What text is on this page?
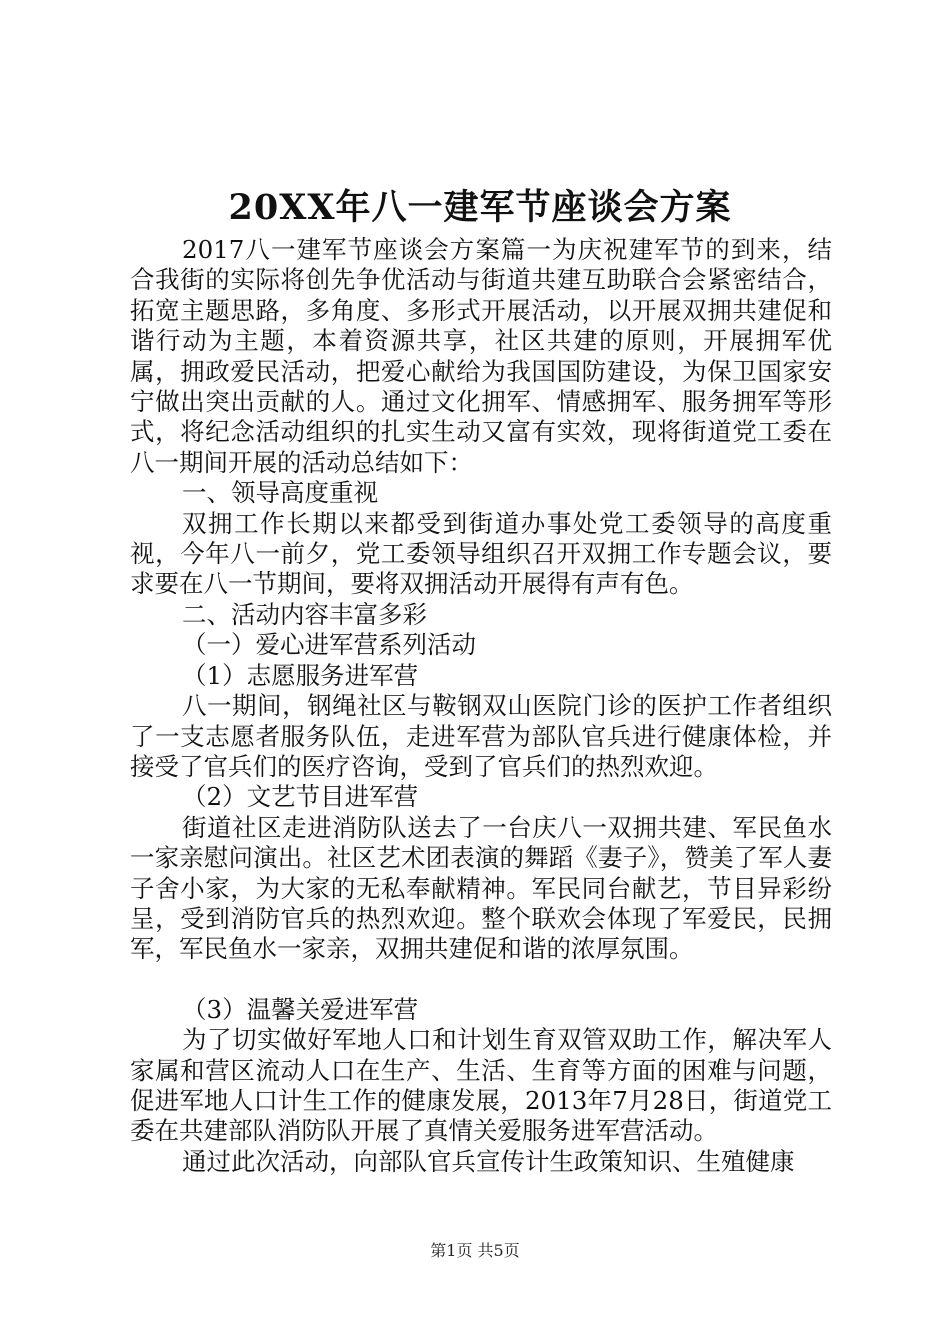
20XX年八一建军节座谈会方案

2017八一建军节座谈会方案篇一为庆祝建军节的到来，结合我街的实际将创先争优活动与街道共建互助联合会紧密结合，拓宽主题思路，多角度、多形式开展活动，以开展双拥共建促和谐行动为主题，本着资源共享，社区共建的原则，开展拥军优属，拥政爱民活动，把爱心献给为我国国防建设，为保卫国家安宁做出突出贡献的人。通过文化拥军、情感拥军、服务拥军等形式，将纪念活动组织的扎实生动又富有实效，现将街道党工委在八一期间开展的活动总结如下：

一、领导高度重视

双拥工作长期以来都受到街道办事处党工委领导的高度重视，今年八一前夕，党工委领导组织召开双拥工作专题会议，要求要在八一节期间，要将双拥活动开展得有声有色。

二、活动内容丰富多彩

（一）爱心进军营系列活动

（1）志愿服务进军营

八一期间，钢绳社区与鞍钢双山医院门诊的医护工作者组织了一支志愿者服务队伍，走进军营为部队官兵进行健康体检，并接受了官兵们的医疗咨询，受到了官兵们的热烈欢迎。

（2）文艺节目进军营

街道社区走进消防队送去了一台庆八一双拥共建、军民鱼水一家亲慰问演出。社区艺术团表演的舞蹈《妻子》，赞美了军人妻子舍小家，为大家的无私奉献精神。军民同台献艺，节目异彩纷呈，受到消防官兵的热烈欢迎。整个联欢会体现了军爱民，民拥军，军民鱼水一家亲，双拥共建促和谐的浓厚氛围。

（3）温馨关爱进军营

为了切实做好军地人口和计划生育双管双助工作，解决军人家属和营区流动人口在生产、生活、生育等方面的困难与问题，促进军地人口计生工作的健康发展，2013年7月28日，街道党工委在共建部队消防队开展了真情关爱服务进军营活动。

通过此次活动，向部队官兵宣传计生政策知识、生殖健康

第1页 共5页
